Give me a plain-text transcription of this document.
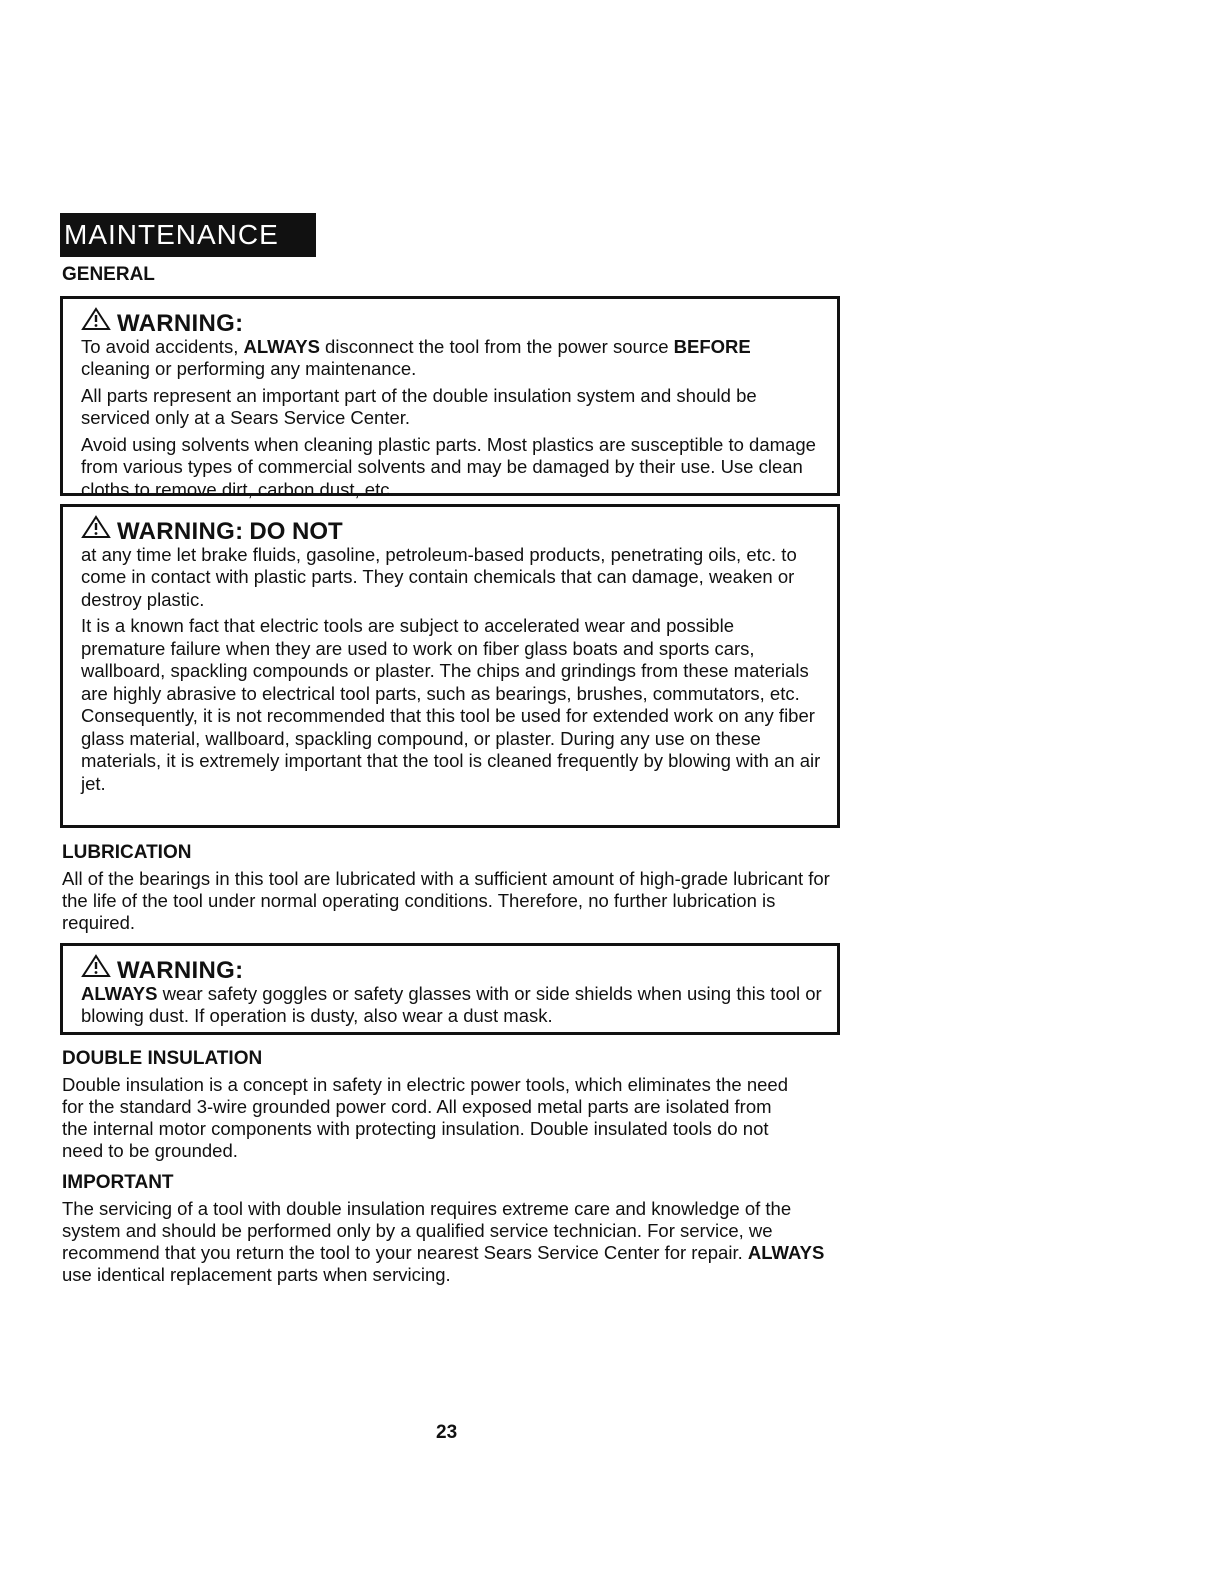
MAINTENANCE
GENERAL

WARNING:
To avoid accidents, ALWAYS disconnect the tool from the power source BEFORE cleaning or performing any maintenance.

All parts represent an important part of the double insulation system and should be serviced only at a Sears Service Center.

Avoid using solvents when cleaning plastic parts. Most plastics are susceptible to damage from various types of commercial solvents and may be damaged by their use. Use clean cloths to remove dirt, carbon dust, etc.

WARNING: DO NOT
at any time let brake fluids, gasoline, petroleum-based products, penetrating oils, etc. to come in contact with plastic parts. They contain chemicals that can damage, weaken or destroy plastic.

It is a known fact that electric tools are subject to accelerated wear and possible premature failure when they are used to work on fiber glass boats and sports cars, wallboard, spackling compounds or plaster. The chips and grindings from these materials are highly abrasive to electrical tool parts, such as bearings, brushes, commutators, etc. Consequently, it is not recommended that this tool be used for extended work on any fiber glass material, wallboard, spackling compound, or plaster. During any use on these materials, it is extremely important that the tool is cleaned frequently by blowing with an air jet.

LUBRICATION

All of the bearings in this tool are lubricated with a sufficient amount of high-grade lubricant for the life of the tool under normal operating conditions. Therefore, no further lubrication is required.

WARNING:
ALWAYS wear safety goggles or safety glasses with or side shields when using this tool or blowing dust. If operation is dusty, also wear a dust mask.

DOUBLE INSULATION

Double insulation is a concept in safety in electric power tools, which eliminates the need for the standard 3-wire grounded power cord. All exposed metal parts are isolated from the internal motor components with protecting insulation. Double insulated tools do not need to be grounded.

IMPORTANT

The servicing of a tool with double insulation requires extreme care and knowledge of the system and should be performed only by a qualified service technician. For service, we recommend that you return the tool to your nearest Sears Service Center for repair. ALWAYS use identical replacement parts when servicing.

23
